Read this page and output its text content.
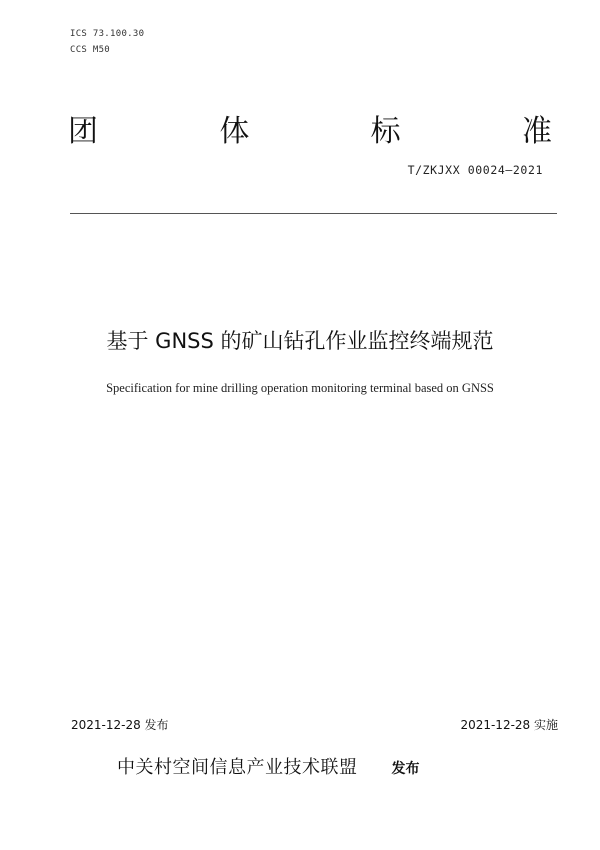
ICS 73.100.30
CCS M50
团	体	标	准
T/ZKJXX 00024—2021
基于 GNSS 的矿山钻孔作业监控终端规范
Specification for mine drilling operation monitoring terminal based on GNSS
2021-12-28 发布	2021-12-28 实施
中关村空间信息产业技术联盟 发布
